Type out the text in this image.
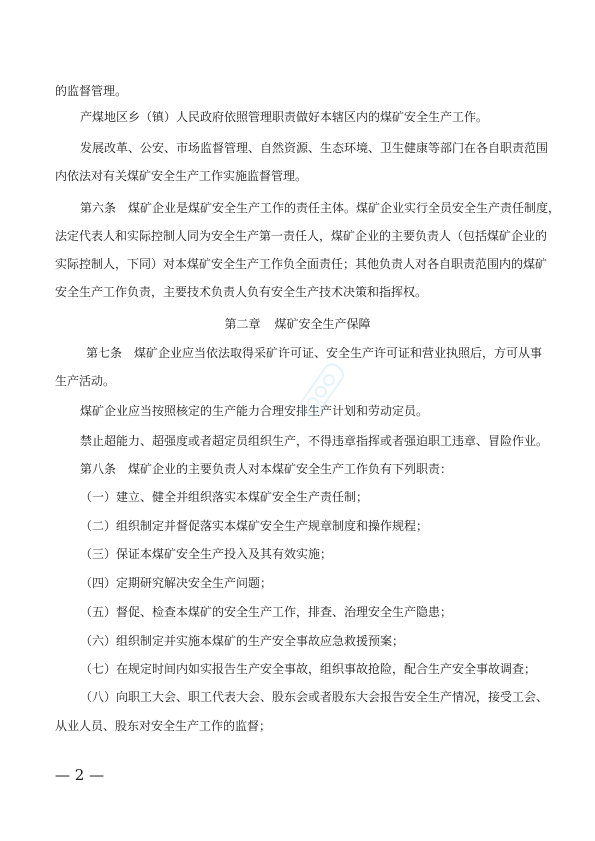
的监督管理。
产煤地区乡（镇）人民政府依照管理职责做好本辖区内的煤矿安全生产工作。
发展改革、公安、市场监督管理、自然资源、生态环境、卫生健康等部门在各自职责范围
内依法对有关煤矿安全生产工作实施监督管理。
第六条　煤矿企业是煤矿安全生产工作的责任主体。煤矿企业实行全员安全生产责任制度，
法定代表人和实际控制人同为安全生产第一责任人，煤矿企业的主要负责人（包括煤矿企业的
实际控制人，下同）对本煤矿安全生产工作负全面责任；其他负责人对各自职责范围内的煤矿
安全生产工作负责，主要技术负责人负有安全生产技术决策和指挥权。
第二章 煤矿安全生产保障
第七条　煤矿企业应当依法取得采矿许可证、安全生产许可证和营业执照后，方可从事
生产活动。
煤矿企业应当按照核定的生产能力合理安排生产计划和劳动定员。
禁止超能力、超强度或者超定员组织生产，不得违章指挥或者强迫职工违章、冒险作业。
第八条　煤矿企业的主要负责人对本煤矿安全生产工作负有下列职责：
（一）建立、健全并组织落实本煤矿安全生产责任制；
（二）组织制定并督促落实本煤矿安全生产规章制度和操作规程；
（三）保证本煤矿安全生产投入及其有效实施；
（四）定期研究解决安全生产问题；
（五）督促、检查本煤矿的安全生产工作，排查、治理安全生产隐患；
（六）组织制定并实施本煤矿的生产安全事故应急救援预案；
（七）在规定时间内如实报告生产安全事故，组织事故抢险，配合生产安全事故调查；
（八）向职工大会、职工代表大会、股东会或者股东大会报告安全生产情况，接受工会、
从业人员、股东对安全生产工作的监督；
— 2 —
